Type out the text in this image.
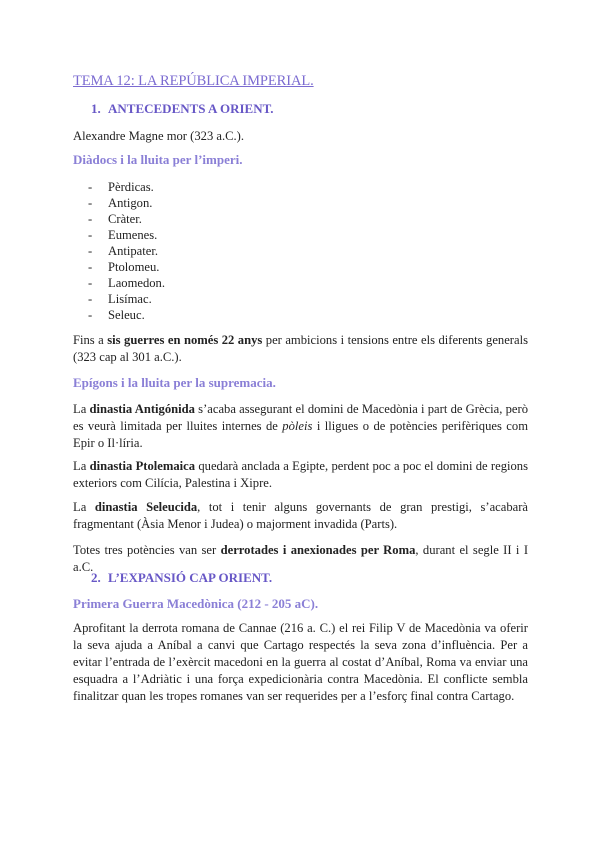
TEMA 12: LA REPÚBLICA IMPERIAL.
1. ANTECEDENTS A ORIENT.
Alexandre Magne mor (323 a.C.).
Diàdocs i la lluita per l’imperi.
- Pèrdicas.
- Antigon.
- Cràter.
- Eumenes.
- Antipater.
- Ptolomeu.
- Laomedon.
- Lisímac.
- Seleuc.
Fins a sis guerres en només 22 anys per ambicions i tensions entre els diferents generals (323 cap al 301 a.C.).
Epígons i la lluita per la supremacia.
La dinastia Antigónida s’acaba assegurant el domini de Macedònia i part de Grècia, però es veurà limitada per lluites internes de pòleis i lligues o de potències perifèriques com Epir o Il·líria.
La dinastia Ptolemaica quedarà anclada a Egipte, perdent poc a poc el domini de regions exteriors com Cilícia, Palestina i Xipre.
La dinastia Seleucida, tot i tenir alguns governants de gran prestigi, s’acabarà fragmentant (Àsia Menor i Judea) o majorment invadida (Parts).
Totes tres potències van ser derrotades i anexionades per Roma, durant el segle II i I a.C.
2. L’EXPANSIÓ CAP ORIENT.
Primera Guerra Macedònica (212 - 205 aC).
Aprofitant la derrota romana de Cannae (216 a. C.) el rei Filip V de Macedònia va oferir la seva ajuda a Aníbal a canvi que Cartago respectés la seva zona d’influència. Per a evitar l’entrada de l’exèrcit macedoni en la guerra al costat d’Aníbal, Roma va enviar una esquadra a l’Adriàtic i una força expedicionària contra Macedònia. El conflicte sembla finalitzar quan les tropes romanes van ser requerides per a l’esforç final contra Cartago.
